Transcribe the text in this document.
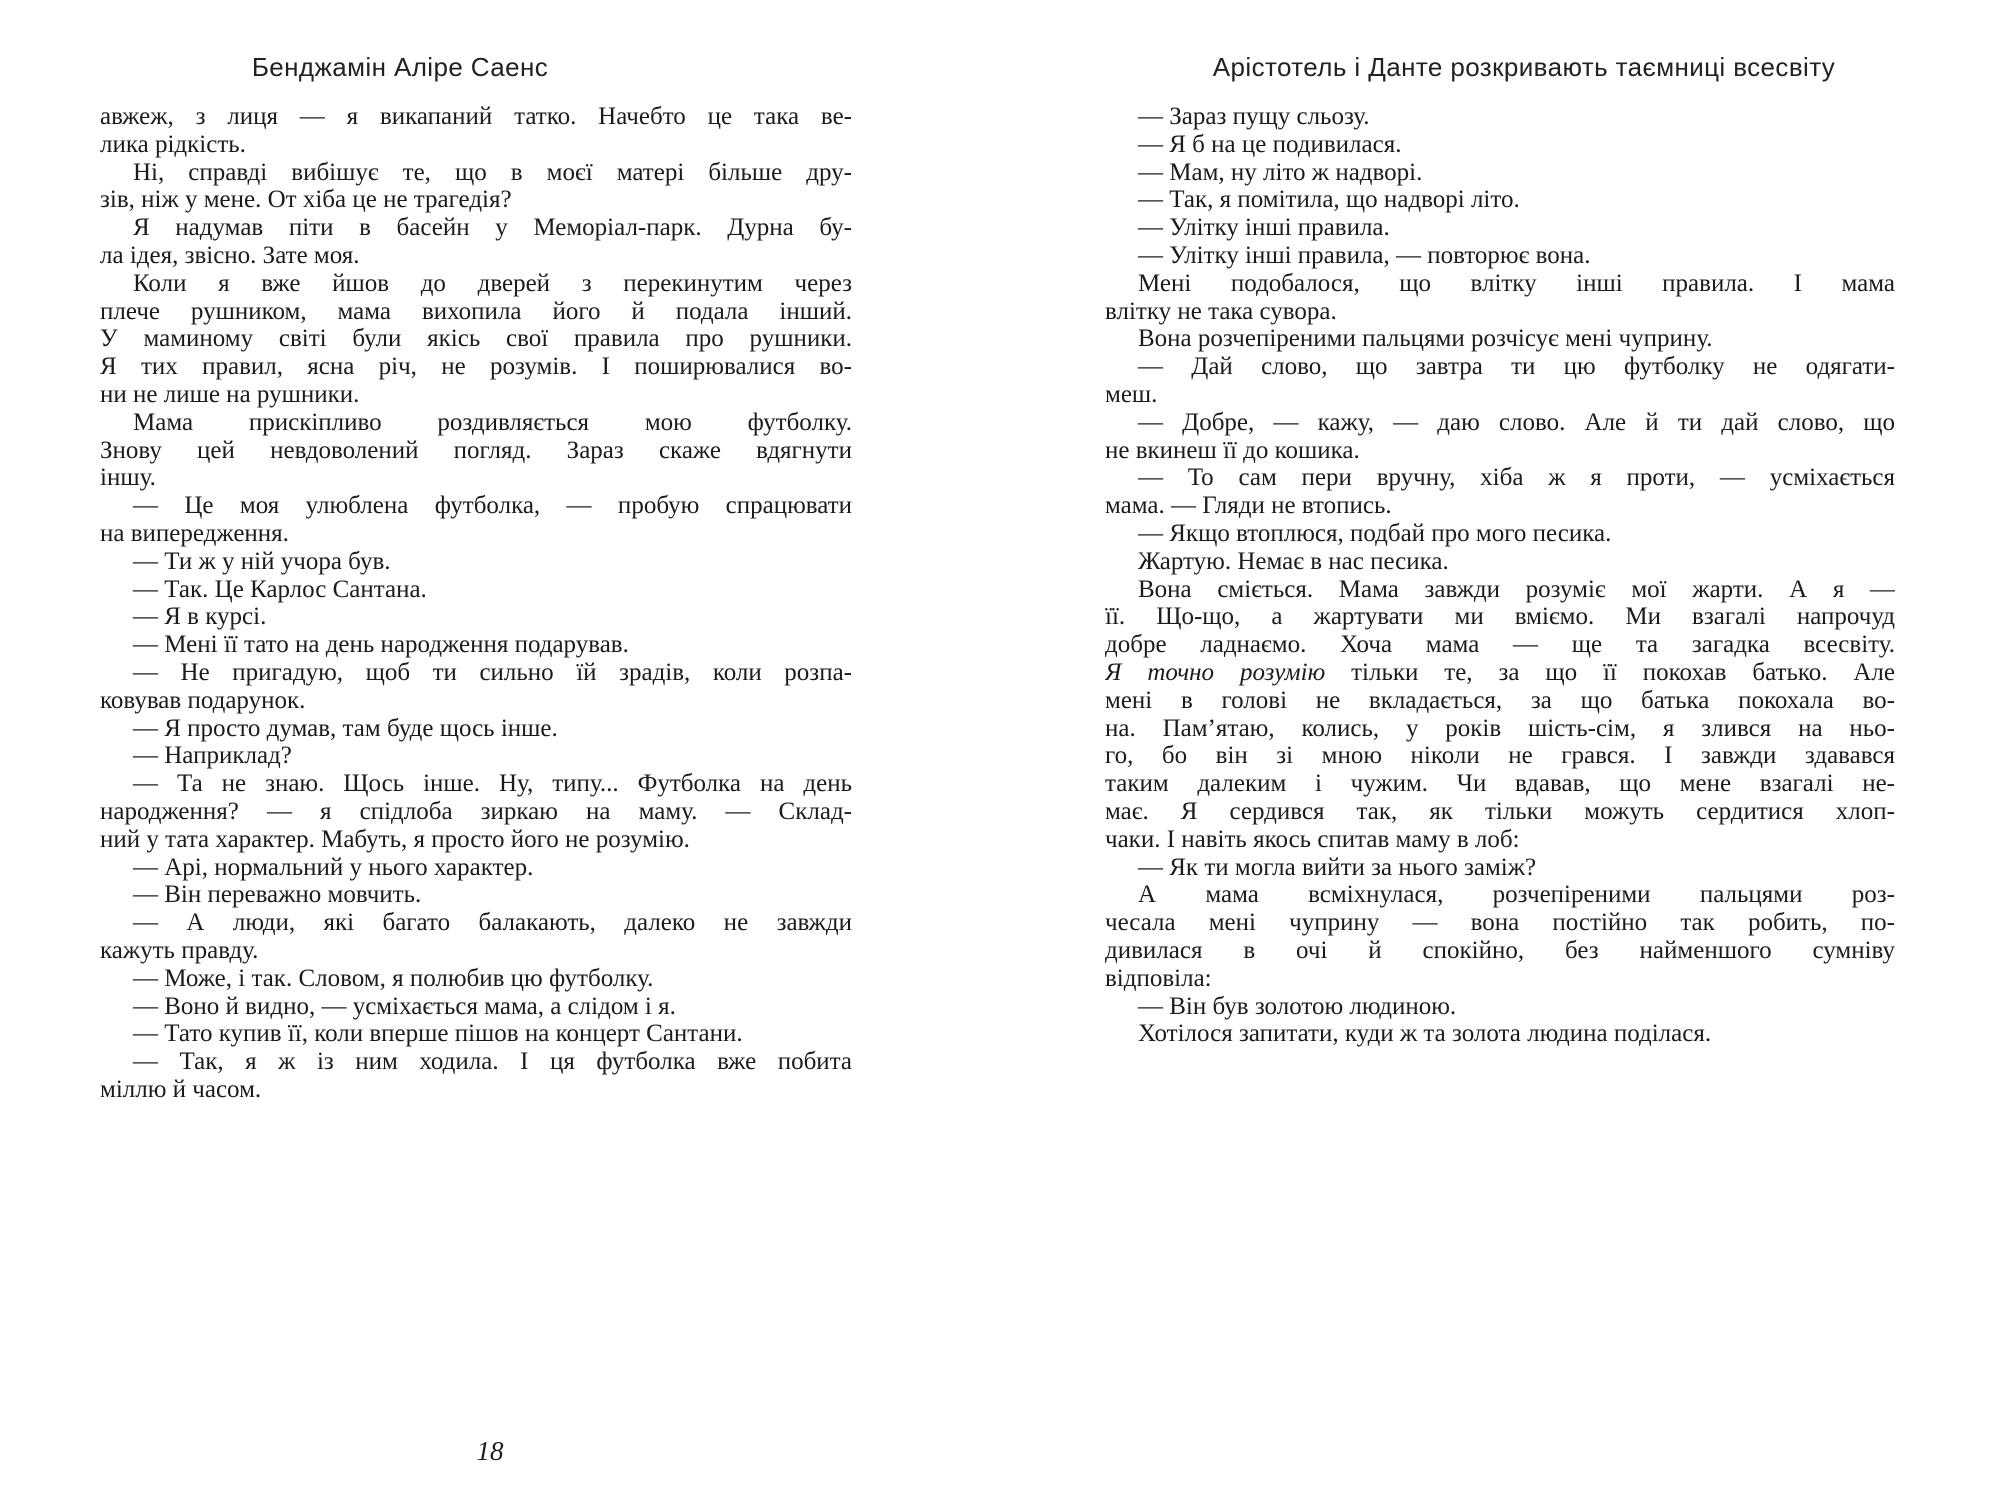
Бенджамін Аліре Саенс
авжеж, з лиця — я викапаний татко. Начебто це така ве-
лика рідкість.
Ні, справді вибішує те, що в моєї матері більше дру-
зів, ніж у мене. От хіба це не трагедія?
Я надумав піти в басейн у Меморіал-парк. Дурна бу-
ла ідея, звісно. Зате моя.
Коли я вже йшов до дверей з перекинутим через
плече рушником, мама вихопила його й подала інший.
У маминому світі були якісь свої правила про рушники.
Я тих правил, ясна річ, не розумів. І поширювалися во-
ни не лише на рушники.
Мама прискіпливо роздивляється мою футболку.
Знову цей невдоволений погляд. Зараз скаже вдягнути
іншу.
— Це моя улюблена футболка, — пробую спрацювати
на випередження.
— Ти ж у ній учора був.
— Так. Це Карлос Сантана.
— Я в курсі.
— Мені її тато на день народження подарував.
— Не пригадую, щоб ти сильно їй зрадів, коли розпа-
ковував подарунок.
— Я просто думав, там буде щось інше.
— Наприклад?
— Та не знаю. Щось інше. Ну, типу... Футболка на день
народження? — я спідлоба зиркаю на маму. — Склад-
ний у тата характер. Мабуть, я просто його не розумію.
— Арі, нормальний у нього характер.
— Він переважно мовчить.
— А люди, які багато балакають, далеко не завжди
кажуть правду.
— Може, і так. Словом, я полюбив цю футболку.
— Воно й видно, — усміхається мама, а слідом і я.
— Тато купив її, коли вперше пішов на концерт Сантани.
— Так, я ж із ним ходила. І ця футболка вже побита
міллю й часом.
18
Арістотель і Данте розкривають таємниці всесвіту
— Зараз пущу сльозу.
— Я б на це подивилася.
— Мам, ну літо ж надворі.
— Так, я помітила, що надворі літо.
— Улітку інші правила.
— Улітку інші правила, — повторює вона.
Мені подобалося, що влітку інші правила. І мама
влітку не така сувора.
Вона розчепіреними пальцями розчісує мені чуприну.
— Дай слово, що завтра ти цю футболку не одягати-
меш.
— Добре, — кажу, — даю слово. Але й ти дай слово, що
не вкинеш її до кошика.
— То сам пери вручну, хіба ж я проти, — усміхається
мама. — Гляди не втопись.
— Якщо втоплюся, подбай про мого песика.
Жартую. Немає в нас песика.
Вона сміється. Мама завжди розуміє мої жарти. А я —
її. Що-що, а жартувати ми вміємо. Ми взагалі напрочуд
добре ладнаємо. Хоча мама — ще та загадка всесвіту.
Я точно розумію тільки те, за що її покохав батько. Але
мені в голові не вкладається, за що батька покохала во-
на. Пам’ятаю, колись, у років шість-сім, я злився на ньо-
го, бо він зі мною ніколи не грався. І завжди здавався
таким далеким і чужим. Чи вдавав, що мене взагалі не-
має. Я сердився так, як тільки можуть сердитися хлоп-
чаки. І навіть якось спитав маму в лоб:
— Як ти могла вийти за нього заміж?
А мама всміхнулася, розчепіреними пальцями роз-
чесала мені чуприну — вона постійно так робить, по-
дивилася в очі й спокійно, без найменшого сумніву
відповіла:
— Він був золотою людиною.
Хотілося запитати, куди ж та золота людина поділася.
